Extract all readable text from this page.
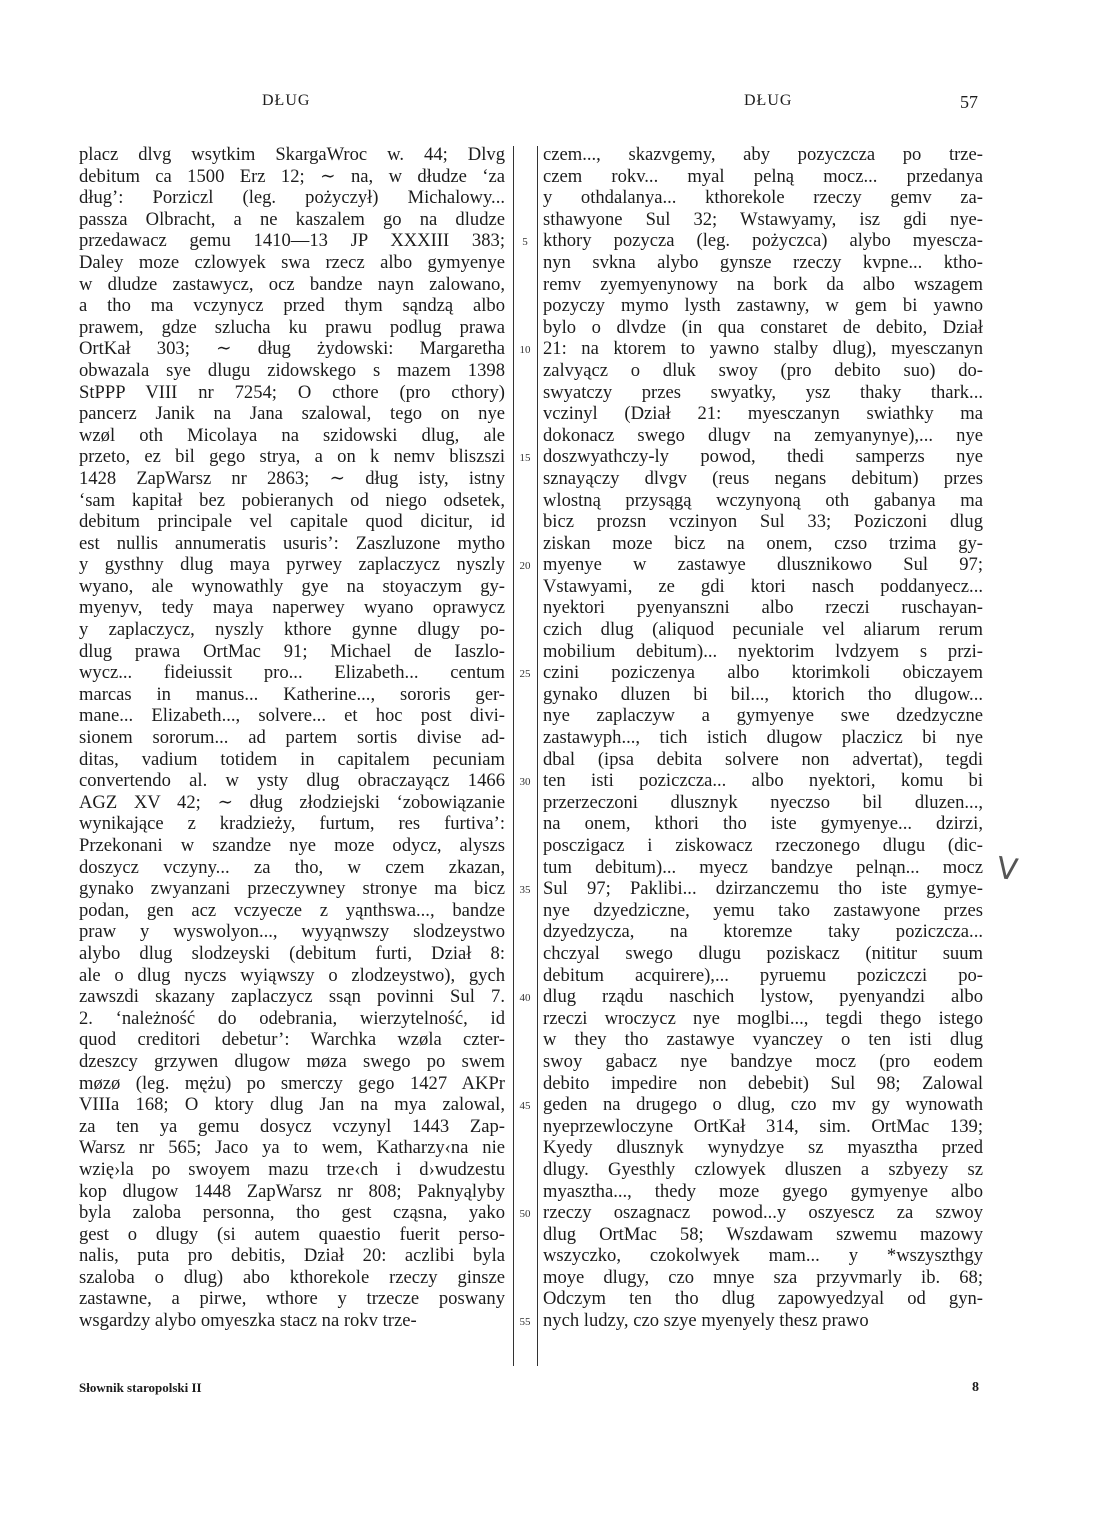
DŁUG	DŁUG	57
placz dlvg wsytkim SkargaWroc w. 44; Dlvg
debitum ca 1500 Erz 12; ∼ na, w dłudze ‘za
dług’: Porziczl (leg. pożyczył) Michalowy...
passza Olbracht, a ne kaszalem go na dludze
przedawacz gemu 1410—13 JP XXXIII 383;
Daley moze czlowyek swa rzecz albo gymyenye
w dludze zastawycz, ocz bandze nayn zalowano,
a tho ma vczynycz przed thym sąndzą albo
prawem, gdze szlucha ku prawu podlug prawa
OrtKał 303; ∼ dług żydowski: Margaretha
obwazala sye dlugu zidowskego s mazem 1398
StPPP VIII nr 7254; O cthore (pro cthory)
pancerz Janik na Jana szalowal, tego on nye
wzøl oth Micolaya na szidowski dlug, ale
przeto, ez bil gego strya, a on k nemv bliszszi
1428 ZapWarsz nr 2863; ∼ dług isty, istny
‘sam kapitał bez pobieranych od niego odsetek,
debitum principale vel capitale quod dicitur, id
est nullis annumeratis usuris’: Zaszluzone mytho
y gysthny dlug maya pyrwey zaplaczycz nyszly
wyano, ale wynowathly gye na stoyaczym gy-
myenyv, tedy maya naperwey wyano oprawycz
y zaplaczycz, nyszly kthore gynne dlugy po-
dlug prawa OrtMac 91; Michael de Iaszlo-
wycz... fideiussit pro... Elizabeth... centum
marcas in manus... Katherine..., sororis ger-
mane... Elizabeth..., solvere... et hoc post divi-
sionem sororum... ad partem sortis divise ad-
ditas, vadium totidem in capitalem pecuniam
convertendo al. w ysty dlug obraczayącz 1466
AGZ XV 42; ∼ dług złodziejski ‘zobowiązanie
wynikające z kradzieży, furtum, res furtiva’:
Przekonani w szandze nye moze odycz, alyszs
doszycz vczyny... za tho, w czem zkazan,
gynako zwyanzani przeczywney stronye ma bicz
podan, gen acz vczyecze z yąnthswa..., bandze
praw y wyswolyon..., wyyąnwszy slodzeystwo
alybo dlug slodzeyski (debitum furti, Dział 8:
ale o dlug nyczs wyiąwszy o zlodzeystwo), gych
zawszdi skazany zaplaczycz ssąn povinni Sul 7.
2. ‘należność do odebrania, wierzytelność, id
quod creditori debetur’: Warchka wzøla czter-
dzeszcy grzywen dlugow møza swego po swem
møzø (leg. mężu) po smerczy gego 1427 AKPr
VIIIa 168; O ktory dlug Jan na mya zalowal,
za ten ya gemu dosycz vczynyl 1443 Zap-
Warsz nr 565; Jaco ya to wem, Katharzy‹na nie
wzię›la po swoyem mazu trze‹ch i d›wudzestu
kop dlugow 1448 ZapWarsz nr 808; Paknyąlyby
byla zaloba personna, tho gest cząsna, yako
gest o dlugy (si autem quaestio fuerit perso-
nalis, puta pro debitis, Dział 20: aczlibi byla
szaloba o dlug) abo kthorekole rzeczy ginsze
zastawne, a pirwe, wthore y trzecze poswany
wsgardzy alybo omyeszka stacz na rokv trze-
5
10
15
20
25
30
35
40
45
50
55
czem..., skazvgemy, aby pozyczcza po trze-
czem rokv... myal pelną mocz... przedanya
y othdalanya... kthorekole rzeczy gemv za-
sthawyone Sul 32; Wstawyamy, isz gdi nye-
kthory pozycza (leg. pożyczca) alybo myescza-
nyn svkna alybo gynsze rzeczy kvpne... ktho-
remv zyemyenynowy na bork da albo wszagem
pozyczy mymo lysth zastawny, w gem bi yawno
bylo o dlvdze (in qua constaret de debito, Dział
21: na ktorem to yawno stalby dlug), myesczanyn
zalvyącz o dluk swoy (pro debito suo) do-
swyatczy przes swyatky, ysz thaky thark...
vczinyl (Dział 21: myesczanyn swiathky ma
dokonacz swego dlugv na zemyanynye),... nye
doszwyathczy-ly powod, thedi samperzs nye
sznayączy dlvgv (reus negans debitum) przes
wlostną przysągą wczynyoną oth gabanya ma
bicz prozsn vczinyon Sul 33; Poziczoni dlug
ziskan moze bicz na onem, czso trzima gy-
myenye w zastawye dlusznikowo Sul 97;
Vstawyami, ze gdi ktori nasch poddanyecz...
nyektori pyenyanszni albo rzeczi ruschayan-
czich dlug (aliquod pecuniale vel aliarum rerum
mobilium debitum)... nyektorim lvdzyem s przi-
czini poziczenya albo ktorimkoli obiczayem
gynako dluzen bi bil..., ktorich tho dlugow...
nye zaplaczyw a gymyenye swe dzedzyczne
zastawyph..., tich istich dlugow placzicz bi nye
dbal (ipsa debita solvere non advertat), tegdi
ten isti poziczcza... albo nyektori, komu bi
przerzeczoni dlusznyk nyeczso bil dluzen...,
na onem, kthori tho iste gymyenye... dzirzi,
posczigacz i ziskowacz rzeczonego dlugu (dic-
tum debitum)... myecz bandzye pelnąn... mocz
Sul 97; Paklibi... dzirzanczemu tho iste gymye-
nye dzyedziczne, yemu tako zastawyone przes
dzyedzycza, na ktoremze taky poziczcza...
chczyal swego dlugu poziskacz (nititur suum
debitum acquirere),... pyruemu poziczczi po-
dlug rządu naschich lystow, pyenyandzi albo
rzeczi wroczycz nye moglbi..., tegdi thego istego
w they tho zastawye vyanczey o ten isti dlug
swoy gabacz nye bandzye mocz (pro eodem
debito impedire non debebit) Sul 98; Zalowal
geden na drugego o dlug, czo mv gy wynowath
nyeprzewloczyne OrtKał 314, sim. OrtMac 139;
Kyedy dlusznyk wynydzye sz myasztha przed
dlugy. Gyesthly czlowyek dluszen a szbyezy sz
myasztha..., thedy moze gyego gymyenye albo
rzeczy oszagnacz powod...y oszyescz za szwoy
dlug OrtMac 58; Wszdawam szwemu mazowy
wszyczko, czokolwyek mam... y *wszyszthgy
moye dlugy, czo mnye sza przyvmarly ib. 68;
Odczym ten tho dlug zapowyedzyal od gyn-
nych ludzy, czo szye myenyely thesz prawo
V
Słownik staropolski II	8
